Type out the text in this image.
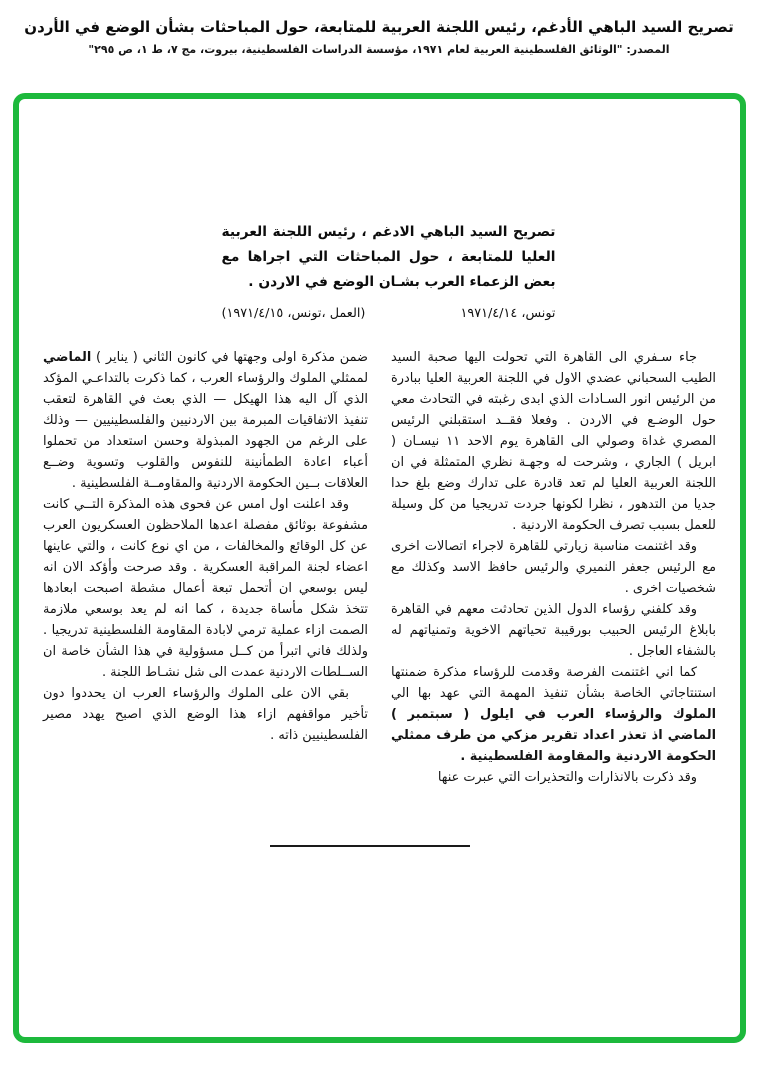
تصريح السيد الباهي الأدغم، رئيس اللجنة العربية للمتابعة، حول المباحثات بشأن الوضع في الأردن
المصدر: "الوثائق الفلسطينية العربية لعام ١٩٧١، مؤسسة الدراسات الفلسطينية، بيروت، مج ٧، ط ١، ص ٢٩٥"
تصريح السيد الباهي الادغم ، رئيس اللجنة العربية العليا للمتابعة ، حول المباحثات التي اجراها مع بعض الزعماء العرب بشـان الوضع في الاردن .
تونس، ١٩٧١/٤/١٤
(العمل ،تونس، ١٩٧١/٤/١٥)

جاء سـفري الى القاهرة التي تحولت اليها صحبة السيد الطيب السحباني عضدي الاول في اللجنة العربية العليا ببادرة من الرئيس انور السـادات الذي ابدى رغبته في التحادث معي حول الوضـع في الاردن . وفعلا فقــد استقبلني الرئيس المصري غداة وصولي الى القاهرة يوم الاحد ١١ نيسـان ( ابريل ) الجاري ، وشرحت له وجهـة نظري المتمثلة في ان اللجنة العربية العليا لم تعد قادرة على تدارك وضع بلغ حدا جديا من التدهور ، نظرا لكونها جردت تدريجيا من كل وسيلة للعمل بسبب تصرف الحكومة الاردنية .

وقد اغتنمت مناسبة زيارتي للقاهرة لاجراء اتصالات اخرى مع الرئيس جعفر النميري والرئيس حافظ الاسد وكذلك مع شخصيات اخرى .

وقد كلفني رؤساء الدول الذين تحادثت معهم في القاهرة بابلاغ الرئيس الحبيب بورقيبة تحياتهم الاخوية وتمنياتهم له بالشفاء العاجل .

كما اني اغتنمت الفرصة وقدمت للرؤساء مذكرة ضمنتها استنتاجاتي الخاصة بشأن تنفيذ المهمة التي عهد بها الي الملوك والرؤساء العرب في ايلول ( سبتمبر ) الماضي اذ تعذر اعداد تقرير مزكي من طرف ممثلي الحكومة الاردنية والمقاومة الفلسطينية .

وقد ذكرت بالانذارات والتحذيرات التي عبرت عنها

ضمن مذكرة اولى وجهتها في كانون الثاني ( يناير ) الماضي لممثلي الملوك والرؤساء العرب ، كما ذكرت بالتداعـي المؤكد الذي آل اليه هذا الهيكل — الذي بعث في القاهرة لتعقب تنفيذ الاتفاقيات المبرمة بين الاردنيين والفلسطينيين — وذلك على الرغم من الجهود المبذولة وحسن استعداد من تحملوا أعباء اعادة الطمأنينة للنفوس والقلوب وتسوية وضــع العلاقات بــين الحكومة الاردنية والمقاومــة الفلسطينية .

وقد اعلنت اول امس عن فحوى هذه المذكرة التــي كانت مشفوعة بوثائق مفصلة اعدها الملاحظون العسكريون العرب عن كل الوقائع والمخالفات ، من اي نوع كانت ، والتي عاينها اعضاء لجنة المراقبة العسكرية . وقد صرحت وأؤكد الان انه ليس بوسعي ان أتحمل تبعة أعمال مشطة اصبحت ابعادها تتخذ شكل مأساة جديدة ، كما انه لم يعد بوسعي ملازمة الصمت ازاء عملية ترمي لابادة المقاومة الفلسطينية تدريجيا . ولذلك فاني اتبرأ من كــل مسؤولية في هذا الشأن خاصة ان الســلطات الاردنية عمدت الى شل نشـاط اللجنة .

بقي الان على الملوك والرؤساء العرب ان يحددوا دون تأخير مواقفهم ازاء هذا الوضع الذي اصبح يهدد مصير الفلسطينيين ذاته .
